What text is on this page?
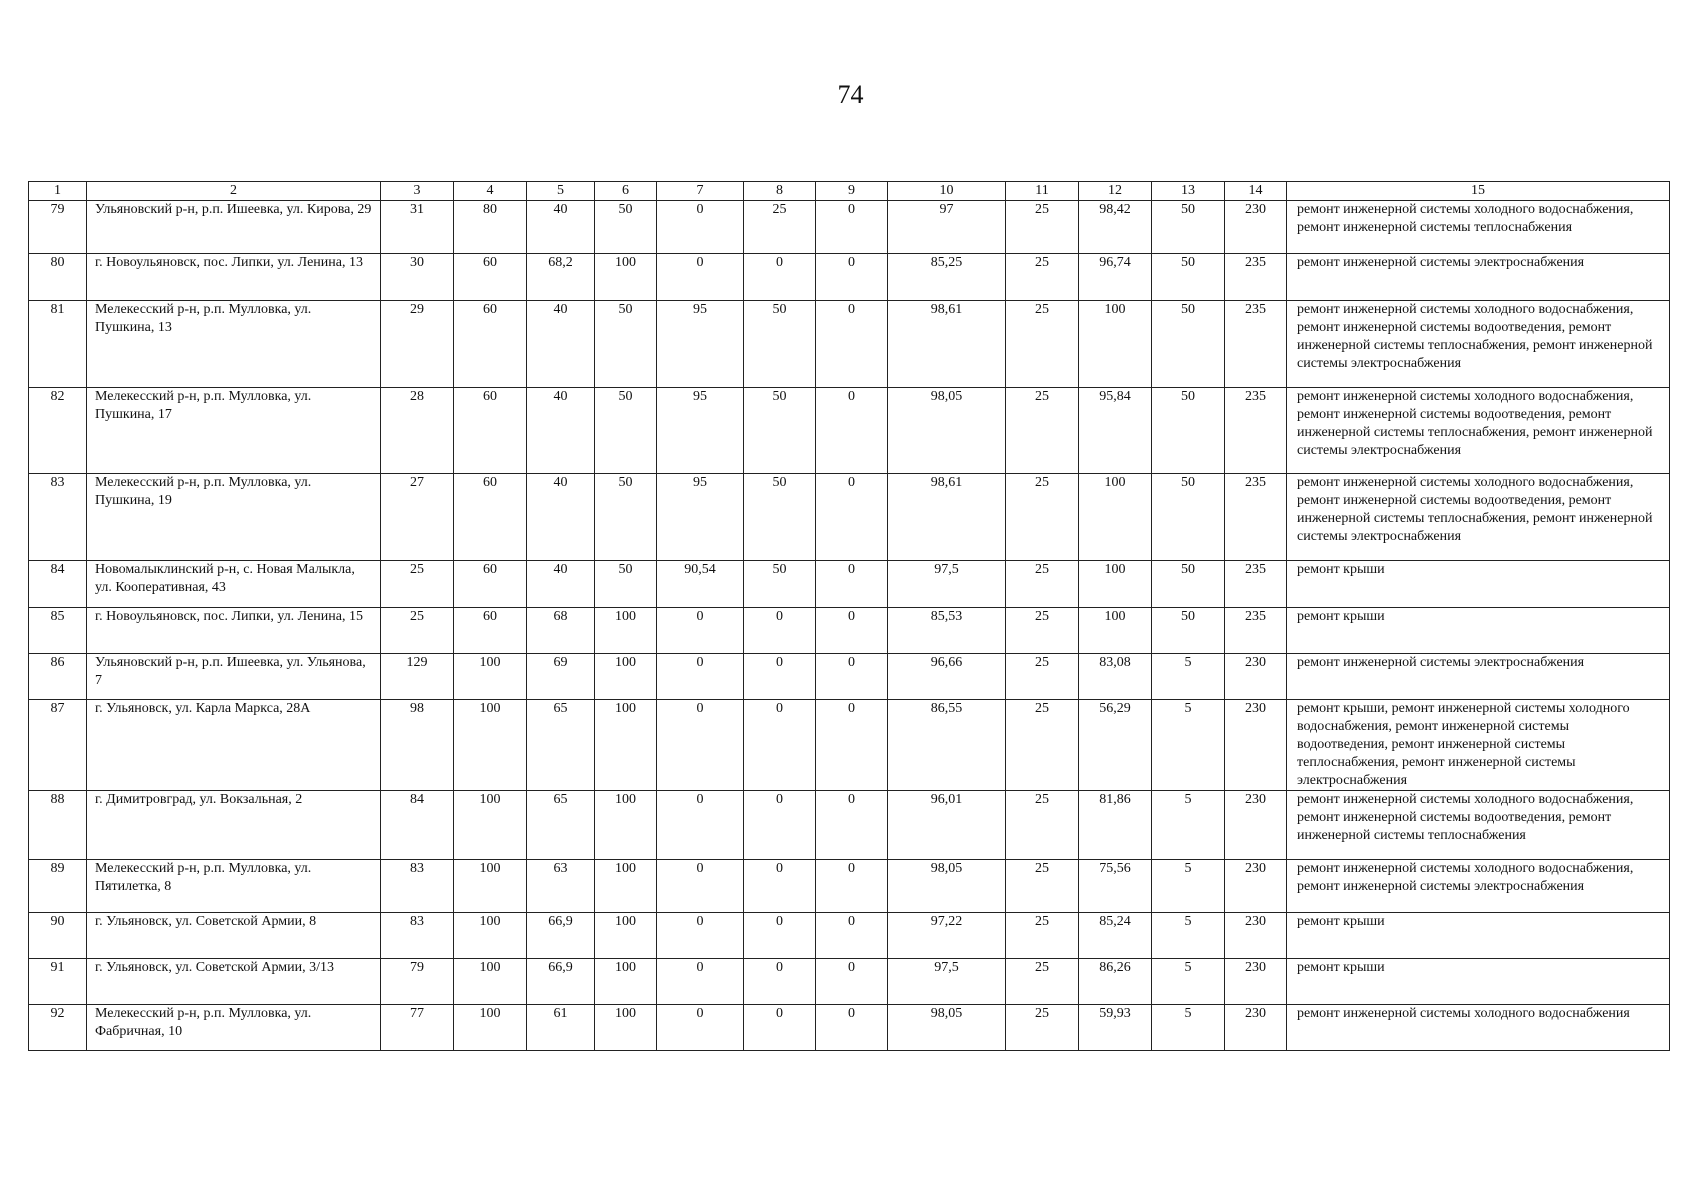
74
1	2	3	4	5	6	7	8	9	10	11	12	13	14	15
79	Ульяновский р-н, р.п. Ишеевка, ул. Кирова, 29	31	80	40	50	0	25	0	97	25	98,42	50	230	ремонт инженерной системы холодного водоснабжения, ремонт инженерной системы теплоснабжения
80	г. Новоульяновск, пос. Липки, ул. Ленина, 13	30	60	68,2	100	0	0	0	85,25	25	96,74	50	235	ремонт инженерной системы электроснабжения
81	Мелекесский р-н, р.п. Мулловка, ул. Пушкина, 13	29	60	40	50	95	50	0	98,61	25	100	50	235	ремонт инженерной системы холодного водоснабжения, ремонт инженерной системы водоотведения, ремонт инженерной системы теплоснабжения, ремонт инженерной системы электроснабжения
82	Мелекесский р-н, р.п. Мулловка, ул. Пушкина, 17	28	60	40	50	95	50	0	98,05	25	95,84	50	235	ремонт инженерной системы холодного водоснабжения, ремонт инженерной системы водоотведения, ремонт инженерной системы теплоснабжения, ремонт инженерной системы электроснабжения
83	Мелекесский р-н, р.п. Мулловка, ул. Пушкина, 19	27	60	40	50	95	50	0	98,61	25	100	50	235	ремонт инженерной системы холодного водоснабжения, ремонт инженерной системы водоотведения, ремонт инженерной системы теплоснабжения, ремонт инженерной системы электроснабжения
84	Новомалыклинский р-н, с. Новая Малыкла, ул. Кооперативная, 43	25	60	40	50	90,54	50	0	97,5	25	100	50	235	ремонт крыши
85	г. Новоульяновск, пос. Липки, ул. Ленина, 15	25	60	68	100	0	0	0	85,53	25	100	50	235	ремонт крыши
86	Ульяновский р-н, р.п. Ишеевка, ул. Ульянова, 7	129	100	69	100	0	0	0	96,66	25	83,08	5	230	ремонт инженерной системы электроснабжения
87	г. Ульяновск, ул. Карла Маркса, 28А	98	100	65	100	0	0	0	86,55	25	56,29	5	230	ремонт крыши, ремонт инженерной системы холодного водоснабжения, ремонт инженерной системы водоотведения, ремонт инженерной системы теплоснабжения, ремонт инженерной системы электроснабжения
88	г. Димитровград, ул. Вокзальная, 2	84	100	65	100	0	0	0	96,01	25	81,86	5	230	ремонт инженерной системы холодного водоснабжения, ремонт инженерной системы водоотведения, ремонт инженерной системы теплоснабжения
89	Мелекесский р-н, р.п. Мулловка, ул. Пятилетка, 8	83	100	63	100	0	0	0	98,05	25	75,56	5	230	ремонт инженерной системы холодного водоснабжения, ремонт инженерной системы электроснабжения
90	г. Ульяновск, ул. Советской Армии, 8	83	100	66,9	100	0	0	0	97,22	25	85,24	5	230	ремонт крыши
91	г. Ульяновск, ул. Советской Армии, 3/13	79	100	66,9	100	0	0	0	97,5	25	86,26	5	230	ремонт крыши
92	Мелекесский р-н, р.п. Мулловка, ул. Фабричная, 10	77	100	61	100	0	0	0	98,05	25	59,93	5	230	ремонт инженерной системы холодного водоснабжения
